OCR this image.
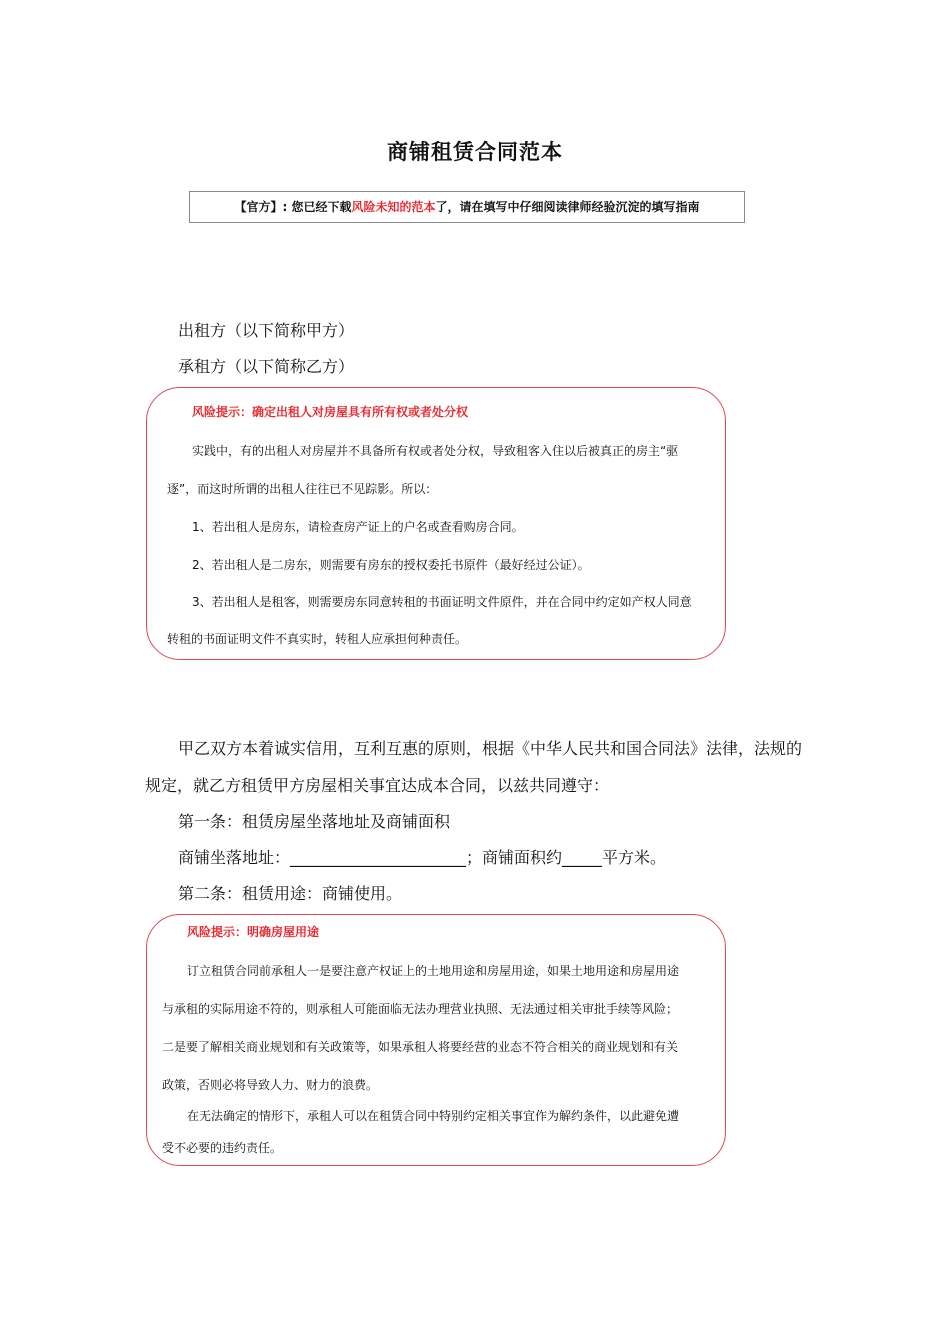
商铺租赁合同范本
【官方】: 您已经下载风险未知的范本了，请在填写中仔细阅读律师经验沉淀的填写指南
出租方（以下简称甲方）
承租方（以下简称乙方）
风险提示：确定出租人对房屋具有所有权或者处分权
实践中，有的出租人对房屋并不具备所有权或者处分权，导致租客入住以后被真正的房主“驱
逐”，而这时所谓的出租人往往已不见踪影。所以：
1、若出租人是房东，请检查房产证上的户名或查看购房合同。
2、若出租人是二房东，则需要有房东的授权委托书原件（最好经过公证）。
3、若出租人是租客，则需要房东同意转租的书面证明文件原件，并在合同中约定如产权人同意
转租的书面证明文件不真实时，转租人应承担何种责任。
甲乙双方本着诚实信用，互利互惠的原则，根据《中华人民共和国合同法》法律，法规的
规定，就乙方租赁甲方房屋相关事宜达成本合同，以兹共同遵守：
第一条：租赁房屋坐落地址及商铺面积
商铺坐落地址：______________________；商铺面积约_____平方米。
第二条：租赁用途：商铺使用。
风险提示：明确房屋用途
订立租赁合同前承租人一是要注意产权证上的土地用途和房屋用途，如果土地用途和房屋用途
与承租的实际用途不符的，则承租人可能面临无法办理营业执照、无法通过相关审批手续等风险；
二是要了解相关商业规划和有关政策等，如果承租人将要经营的业态不符合相关的商业规划和有关
政策，否则必将导致人力、财力的浪费。
在无法确定的情形下，承租人可以在租赁合同中特别约定相关事宜作为解约条件，以此避免遭
受不必要的违约责任。
